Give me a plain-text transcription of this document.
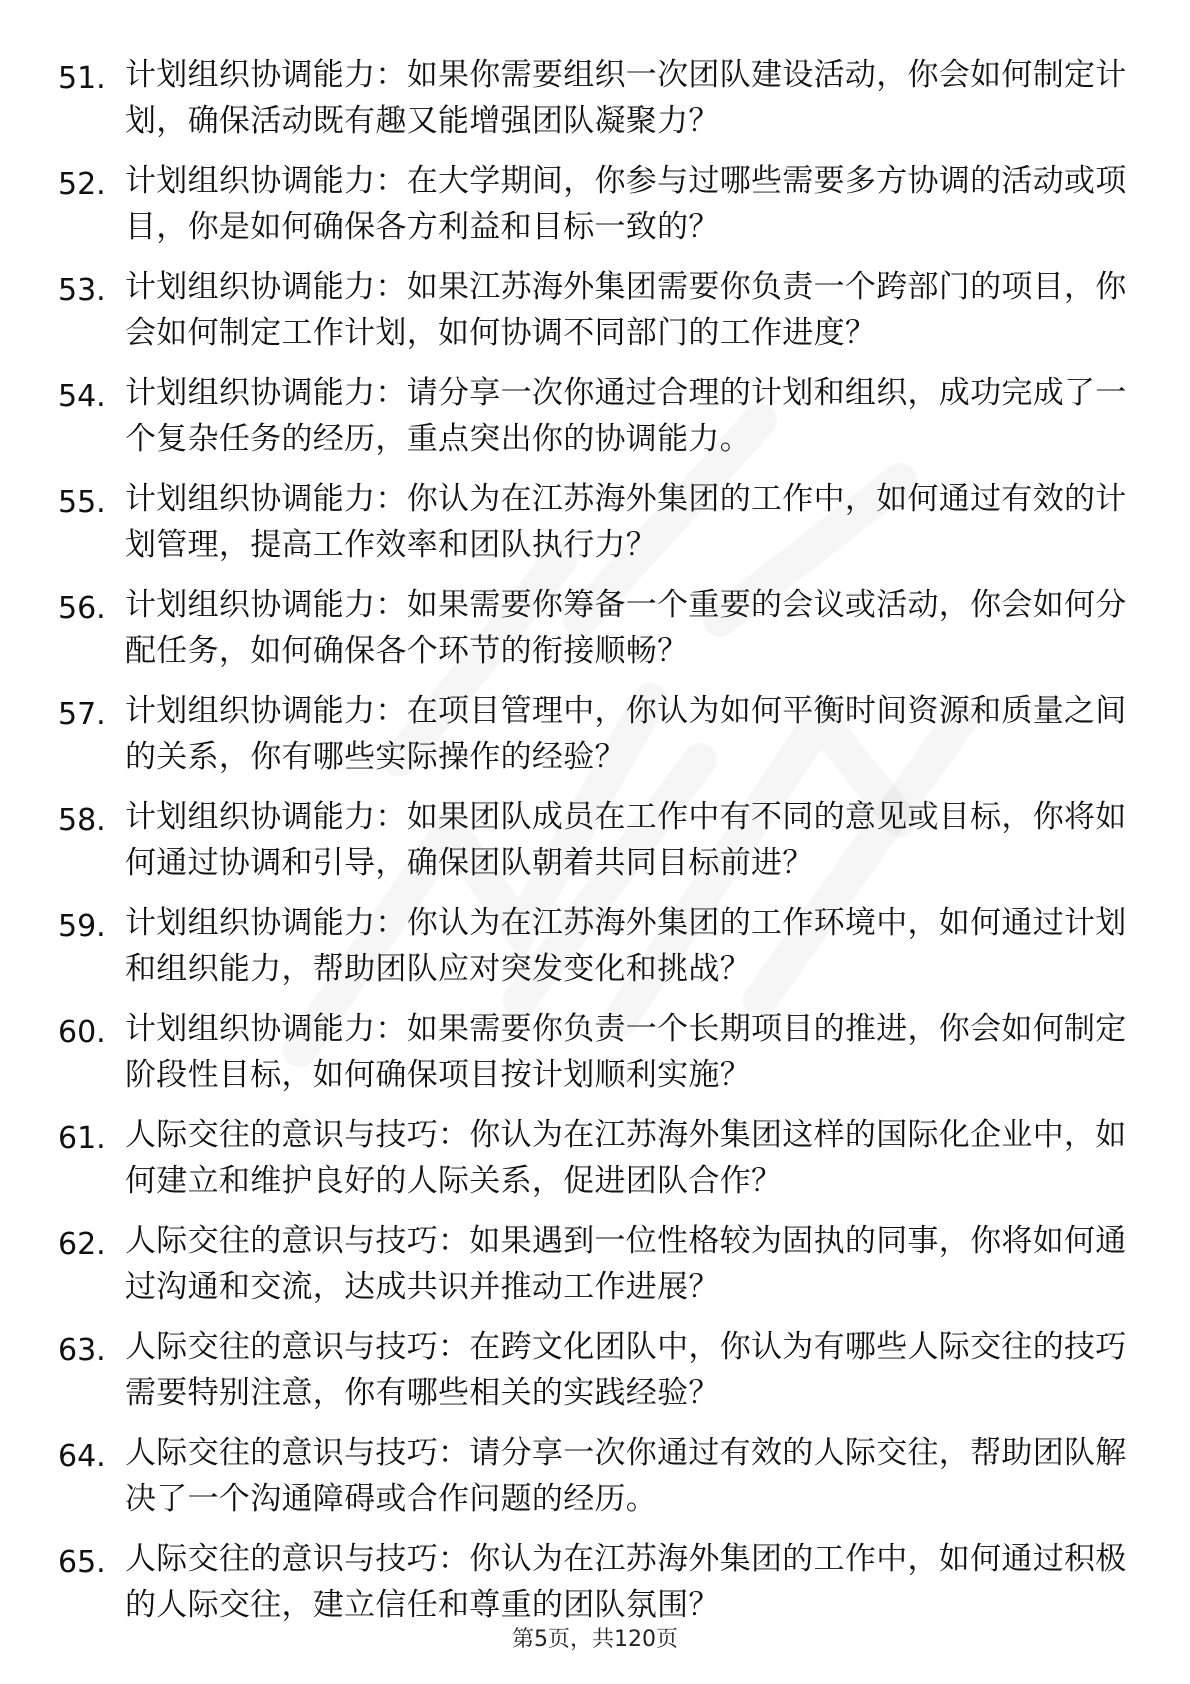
51. 计划组织协调能力：如果你需要组织一次团队建设活动，你会如何制定计划，确保活动既有趣又能增强团队凝聚力？
52. 计划组织协调能力：在大学期间，你参与过哪些需要多方协调的活动或项目，你是如何确保各方利益和目标一致的？
53. 计划组织协调能力：如果江苏海外集团需要你负责一个跨部门的项目，你会如何制定工作计划，如何协调不同部门的工作进度？
54. 计划组织协调能力：请分享一次你通过合理的计划和组织，成功完成了一个复杂任务的经历，重点突出你的协调能力。
55. 计划组织协调能力：你认为在江苏海外集团的工作中，如何通过有效的计划管理，提高工作效率和团队执行力？
56. 计划组织协调能力：如果需要你筹备一个重要的会议或活动，你会如何分配任务，如何确保各个环节的衔接顺畅？
57. 计划组织协调能力：在项目管理中，你认为如何平衡时间资源和质量之间的关系，你有哪些实际操作的经验？
58. 计划组织协调能力：如果团队成员在工作中有不同的意见或目标，你将如何通过协调和引导，确保团队朝着共同目标前进？
59. 计划组织协调能力：你认为在江苏海外集团的工作环境中，如何通过计划和组织能力，帮助团队应对突发变化和挑战？
60. 计划组织协调能力：如果需要你负责一个长期项目的推进，你会如何制定阶段性目标，如何确保项目按计划顺利实施？
61. 人际交往的意识与技巧：你认为在江苏海外集团这样的国际化企业中，如何建立和维护良好的人际关系，促进团队合作？
62. 人际交往的意识与技巧：如果遇到一位性格较为固执的同事，你将如何通过沟通和交流，达成共识并推动工作进展？
63. 人际交往的意识与技巧：在跨文化团队中，你认为有哪些人际交往的技巧需要特别注意，你有哪些相关的实践经验？
64. 人际交往的意识与技巧：请分享一次你通过有效的人际交往，帮助团队解决了一个沟通障碍或合作问题的经历。
65. 人际交往的意识与技巧：你认为在江苏海外集团的工作中，如何通过积极的人际交往，建立信任和尊重的团队氛围？
第5页，共120页
